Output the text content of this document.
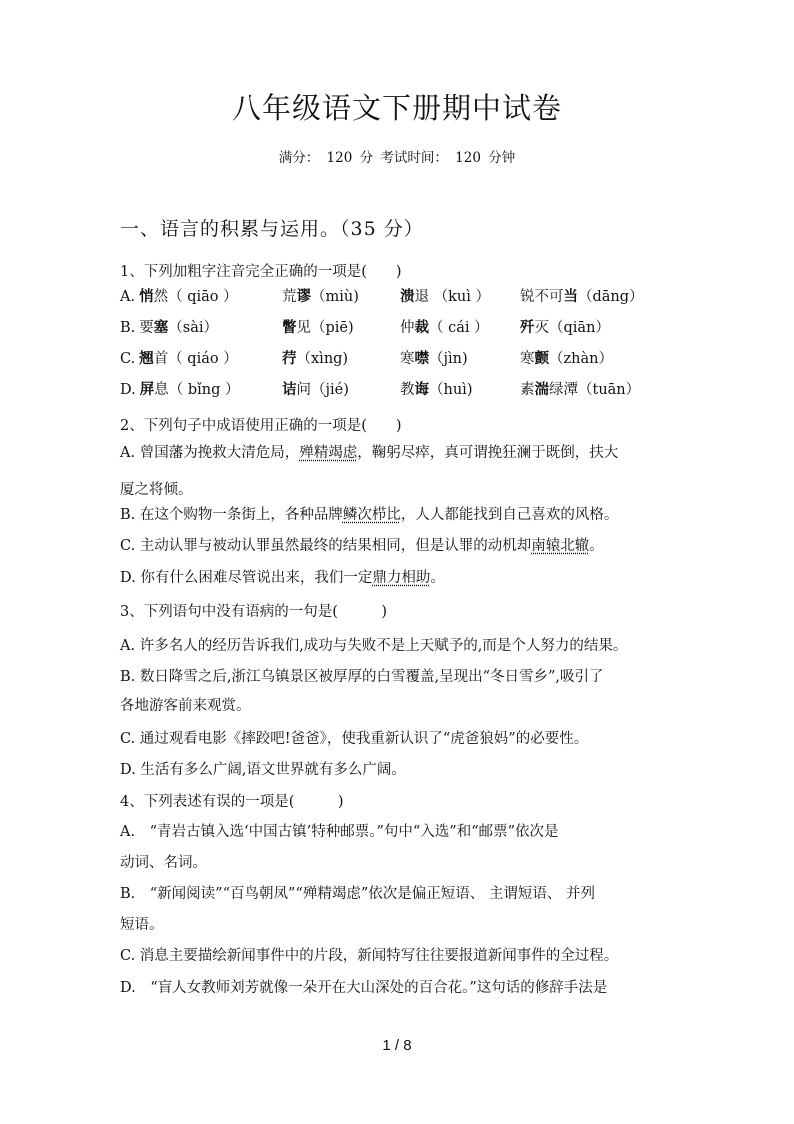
八年级语文下册期中试卷
满分： 120 分 考试时间： 120 分钟
一、语言的积累与运用。（35 分）
1、下列加粗字注音完全正确的一项是(　　)
A. 悄然（ qiāo ）	荒谬（miù)	溃退 （kuì ） 锐不可当（dāng）
B. 要塞（sài）	瞥见（piē)	仲裁（ cái ） 歼灭（qiān）
C. 翘首（ qiáo ）	荇（xìng)	寒噤（jìn)	寒颤（zhàn）
D. 屏息（ bǐng ）	诘问（jié)	教诲（huì)	素湍绿潭（tuān）
2、下列句子中成语使用正确的一项是(　　)
A. 曾国藩为挽救大清危局，殚精竭虑，鞠躬尽瘁，真可谓挽狂澜于既倒，扶大
厦之将倾。
B. 在这个购物一条街上，各种品牌鳞次栉比，人人都能找到自己喜欢的风格。
C. 主动认罪与被动认罪虽然最终的结果相同，但是认罪的动机却南辕北辙。
D. 你有什么困难尽管说出来，我们一定鼎力相助。
3、下列语句中没有语病的一句是(　　　)
A. 许多名人的经历告诉我们,成功与失败不是上天赋予的,而是个人努力的结果。
B. 数日降雪之后,浙江乌镇景区被厚厚的白雪覆盖,呈现出“冬日雪乡”,吸引了
各地游客前来观赏。
C. 通过观看电影《摔跤吧!爸爸》，使我重新认识了“虎爸狼妈”的必要性。
D. 生活有多么广阔,语文世界就有多么广阔。
4、下列表述有误的一项是(　　　)
A.　“青岩古镇入选‘中国古镇’特种邮票。”句中“入选”和“邮票”依次是
动词、名词。
B.　“新闻阅读”“百鸟朝凤”“殚精竭虑”依次是偏正短语、 主谓短语、 并列
短语。
C. 消息主要描绘新闻事件中的片段，新闻特写往往要报道新闻事件的全过程。
D.　“盲人女教师刘芳就像一朵开在大山深处的百合花。”这句话的修辞手法是
1 / 8
